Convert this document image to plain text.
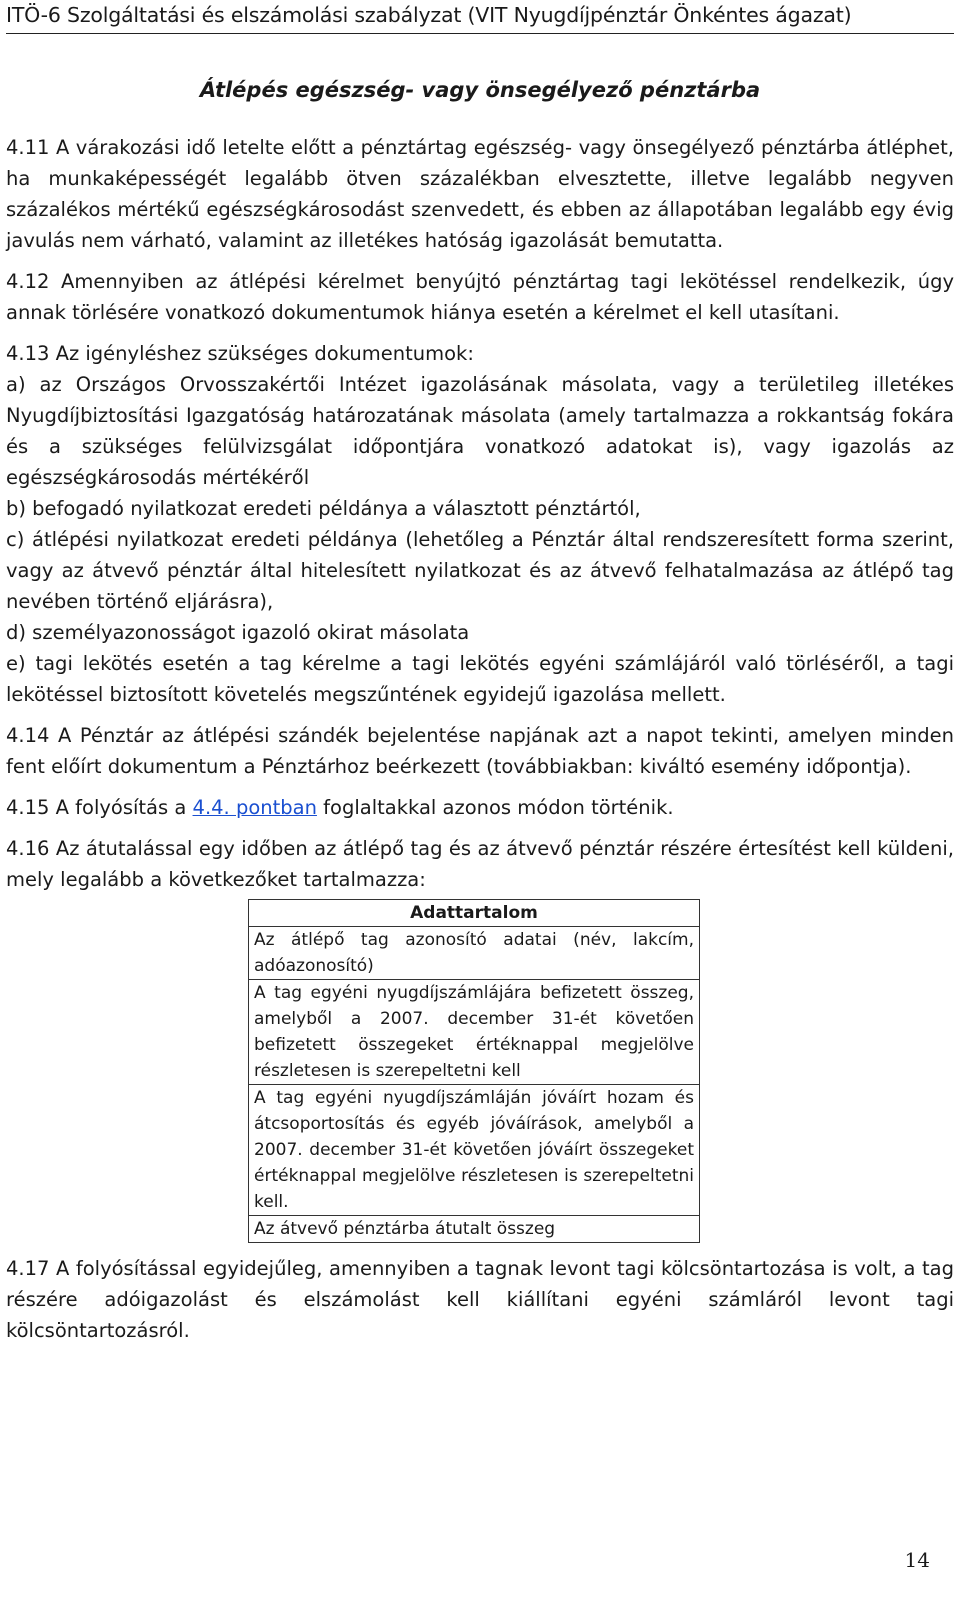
ITÖ-6 Szolgáltatási és elszámolási szabályzat (VIT Nyugdíjpénztár Önkéntes ágazat)
Átlépés egészség- vagy önsegélyező pénztárba

4.11 A várakozási idő letelte előtt a pénztártag egészség- vagy önsegélyező pénztárba átléphet, ha munkaképességét legalább ötven százalékban elvesztette, illetve legalább negyven százalékos mértékű egészségkárosodást szenvedett, és ebben az állapotában legalább egy évig javulás nem várható, valamint az illetékes hatóság igazolását bemutatta.

4.12 Amennyiben az átlépési kérelmet benyújtó pénztártag tagi lekötéssel rendelkezik, úgy annak törlésére vonatkozó dokumentumok hiánya esetén a kérelmet el kell utasítani.

4.13 Az igényléshez szükséges dokumentumok:

a) az Országos Orvosszakértői Intézet igazolásának másolata, vagy a területileg illetékes Nyugdíjbiztosítási Igazgatóság határozatának másolata (amely tartalmazza a rokkantság fokára és a szükséges felülvizsgálat időpontjára vonatkozó adatokat is), vagy igazolás az egészségkárosodás mértékéről

b) befogadó nyilatkozat eredeti példánya a választott pénztártól,

c) átlépési nyilatkozat eredeti példánya (lehetőleg a Pénztár által rendszeresített forma szerint, vagy az átvevő pénztár által hitelesített nyilatkozat és az átvevő felhatalmazása az átlépő tag nevében történő eljárásra),

d) személyazonosságot igazoló okirat másolata

e) tagi lekötés esetén a tag kérelme a tagi lekötés egyéni számlájáról való törléséről, a tagi lekötéssel biztosított követelés megszűntének egyidejű igazolása mellett.

4.14 A Pénztár az átlépési szándék bejelentése napjának azt a napot tekinti, amelyen minden fent előírt dokumentum a Pénztárhoz beérkezett (továbbiakban: kiváltó esemény időpontja).

4.15 A folyósítás a 4.4. pontban foglaltakkal azonos módon történik.

4.16 Az átutalással egy időben az átlépő tag és az átvevő pénztár részére értesítést kell küldeni, mely legalább a következőket tartalmazza:

Adattartalom
Az átlépő tag azonosító adatai (név, lakcím, adóazonosító)
A tag egyéni nyugdíjszámlájára befizetett összeg, amelyből a 2007. december 31-ét követően befizetett összegeket értéknappal megjelölve részletesen is szerepeltetni kell
A tag egyéni nyugdíjszámláján jóváírt hozam és átcsoportosítás és egyéb jóváírások, amelyből a 2007. december 31-ét követően jóváírt összegeket értéknappal megjelölve részletesen is szerepeltetni kell.
Az átvevő pénztárba átutalt összeg

4.17 A folyósítással egyidejűleg, amennyiben a tagnak levont tagi kölcsöntartozása is volt, a tag részére adóigazolást és elszámolást kell kiállítani egyéni számláról levont tagi kölcsöntartozásról.

14
